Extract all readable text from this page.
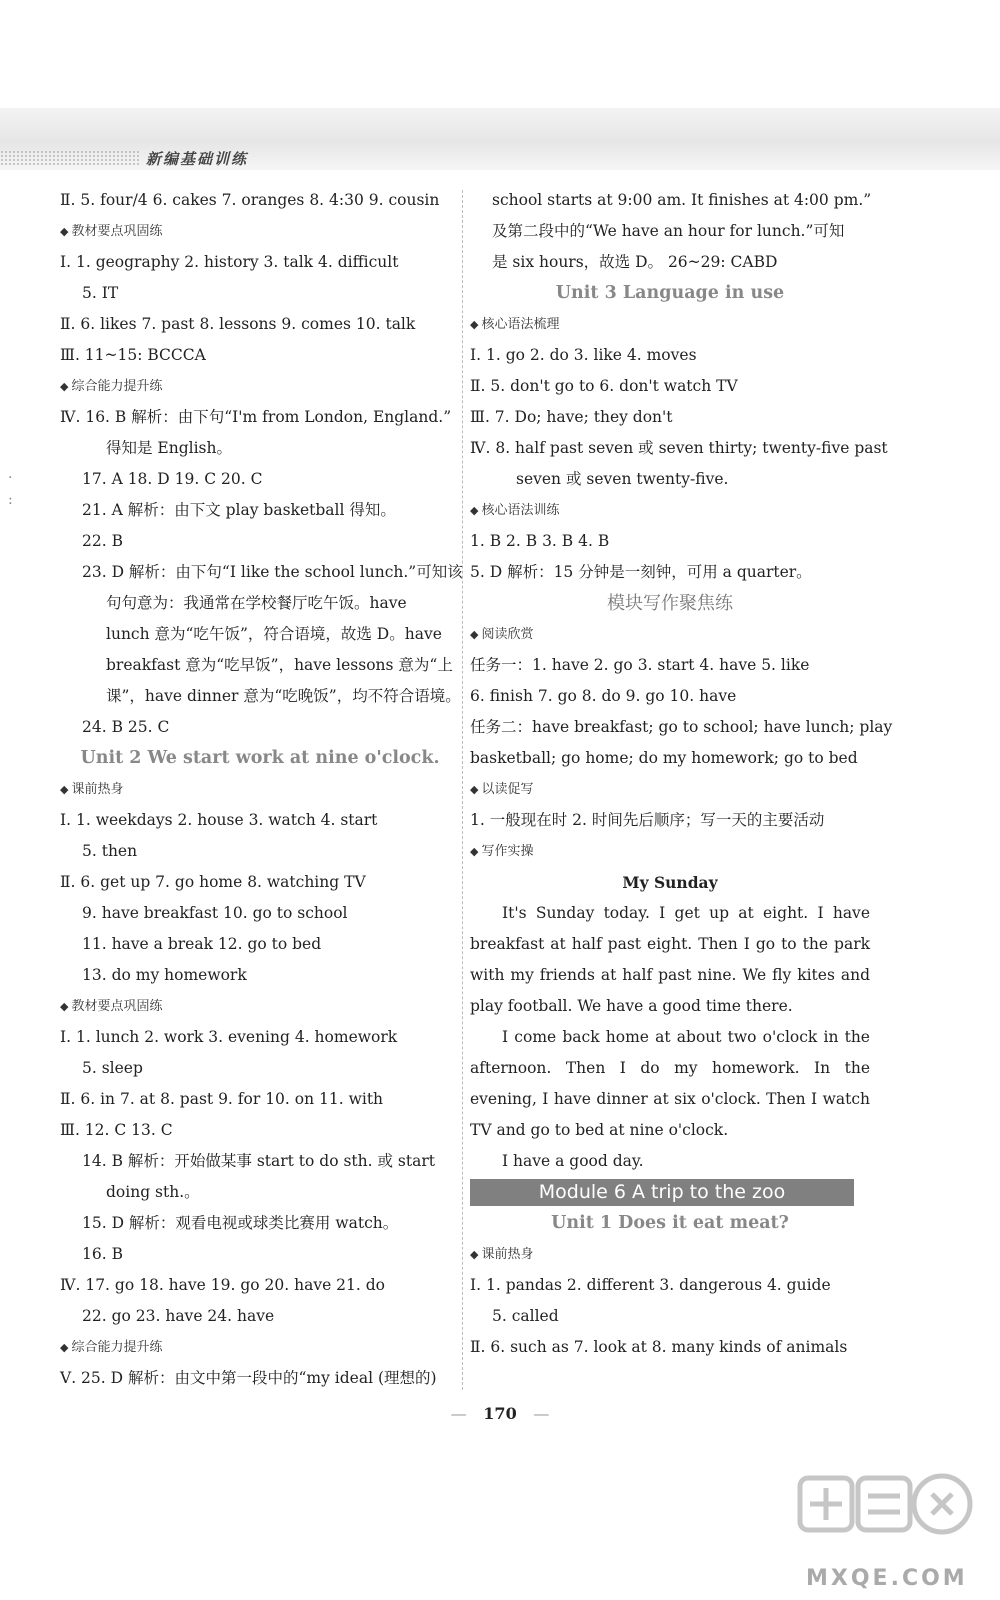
新编基础训练
·
:
Ⅱ. 5. four/4 6. cakes 7. oranges 8. 4:30 9. cousin
◆ 教材要点巩固练
Ⅰ. 1. geography 2. history 3. talk 4. difficult
5. IT
Ⅱ. 6. likes 7. past 8. lessons 9. comes 10. talk
Ⅲ. 11~15: BCCCA
◆ 综合能力提升练
Ⅳ. 16. B 解析：由下句“I'm from London, England.”
得知是 English。
17. A 18. D 19. C 20. C
21. A 解析：由下文 play basketball 得知。
22. B
23. D 解析：由下句“I like the school lunch.”可知该
句句意为：我通常在学校餐厅吃午饭。have
lunch 意为“吃午饭”，符合语境，故选 D。have
breakfast 意为“吃早饭”，have lessons 意为“上
课”，have dinner 意为“吃晚饭”，均不符合语境。
24. B 25. C
Unit 2 We start work at nine o'clock.
◆ 课前热身
Ⅰ. 1. weekdays 2. house 3. watch 4. start
5. then
Ⅱ. 6. get up 7. go home 8. watching TV
9. have breakfast 10. go to school
11. have a break 12. go to bed
13. do my homework
◆ 教材要点巩固练
Ⅰ. 1. lunch 2. work 3. evening 4. homework
5. sleep
Ⅱ. 6. in 7. at 8. past 9. for 10. on 11. with
Ⅲ. 12. C 13. C
14. B 解析：开始做某事 start to do sth. 或 start
doing sth.。
15. D 解析：观看电视或球类比赛用 watch。
16. B
Ⅳ. 17. go 18. have 19. go 20. have 21. do
22. go 23. have 24. have
◆ 综合能力提升练
Ⅴ. 25. D 解析：由文中第一段中的“my ideal (理想的)
school starts at 9:00 am. It finishes at 4:00 pm.”
及第二段中的“We have an hour for lunch.”可知
是 six hours，故选 D。 26~29: CABD
Unit 3 Language in use
◆ 核心语法梳理
Ⅰ. 1. go 2. do 3. like 4. moves
Ⅱ. 5. don't go to 6. don't watch TV
Ⅲ. 7. Do; have; they don't
Ⅳ. 8. half past seven 或 seven thirty; twenty-five past
seven 或 seven twenty-five.
◆ 核心语法训练
1. B 2. B 3. B 4. B
5. D 解析：15 分钟是一刻钟，可用 a quarter。
模块写作聚焦练
◆ 阅读欣赏
任务一：1. have 2. go 3. start 4. have 5. like
6. finish 7. go 8. do 9. go 10. have
任务二：have breakfast; go to school; have lunch; play
basketball; go home; do my homework; go to bed
◆ 以读促写
1. 一般现在时 2. 时间先后顺序；写一天的主要活动
◆ 写作实操
My Sunday
It's Sunday today. I get up at eight. I have breakfast at half past eight. Then I go to the park with my friends at half past nine. We fly kites and play football. We have a good time there.
I come back home at about two o'clock in the afternoon. Then I do my homework. In the evening, I have dinner at six o'clock. Then I watch TV and go to bed at nine o'clock.
I have a good day.
Module 6 A trip to the zoo
Unit 1 Does it eat meat?
◆ 课前热身
Ⅰ. 1. pandas 2. different 3. dangerous 4. guide
5. called
Ⅱ. 6. such as 7. look at 8. many kinds of animals
— 170 —
MXQE.COM
